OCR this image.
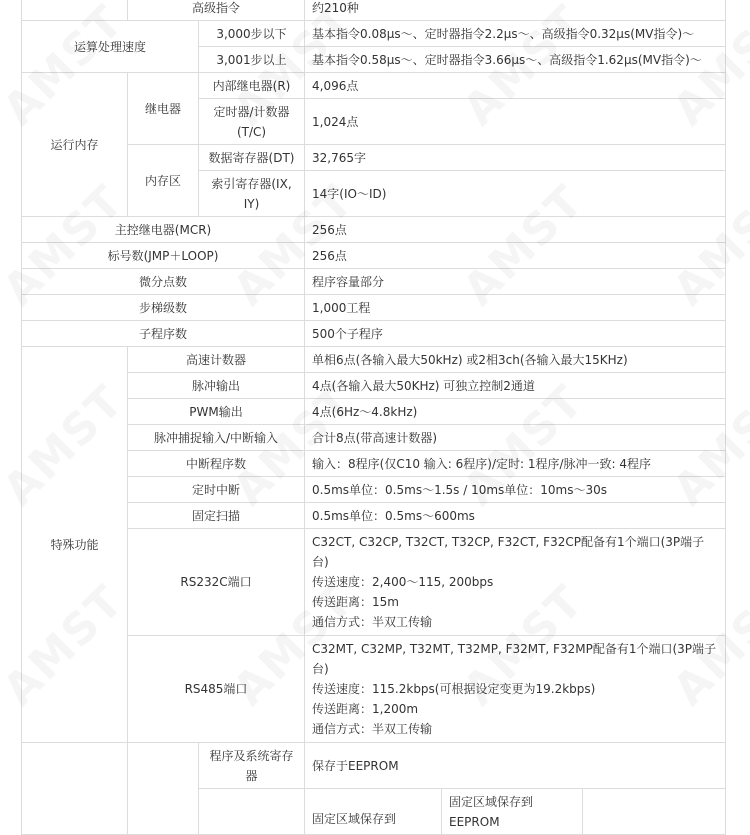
	高级指令		约210种		
运算处理速度		3,000步以下	基本指令0.08μs～、定时器指令2.2μs～、高级指令0.32μs(MV指令)～		
		3,001步以上	基本指令0.58μs～、定时器指令3.66μs～、高级指令1.62μs(MV指令)～		
运行内存	继电器	内部继电器(R)	4,096点		
		定时器/计数器(T/C)	1,024点		
	内存区	数据寄存器(DT)	32,765字		
		索引寄存器(IX, IY)	14字(IO～ID)		
主控继电器(MCR)			256点		
标号数(JMP＋LOOP)			256点		
微分点数			程序容量部分		
步梯级数			1,000工程		
子程序数			500个子程序		
特殊功能	高速计数器		单相6点(各输入最大50kHz) 或2相3ch(各输入最大15KHz)		
	脉冲输出		4点(各输入最大50KHz) 可独立控制2通道		
	PWM输出		4点(6Hz～4.8kHz)		
	脉冲捕捉输入/中断输入		合计8点(带高速计数器)		
	中断程序数		输入：8程序(仅C10 输入: 6程序)/定时: 1程序/脉冲一致: 4程序		
	定时中断		0.5ms单位：0.5ms～1.5s / 10ms单位：10ms～30s		
	固定扫描		0.5ms单位：0.5ms～600ms		
	RS232C端口		C32CT, C32CP, T32CT, T32CP, F32CT, F32CP配备有1个端口(3P端子台)
传送速度：2,400～115, 200bps
传送距离：15m
通信方式：半双工传输		

	RS485端口		C32MT, C32MP, T32MT, T32MP, F32MT, F32MP配备有1个端口(3P端子台)
传送速度：115.2kbps(可根据设定变更为19.2kbps)
传送距离：1,200m
通信方式：半双工传输		

		程序及系统寄存器	保存于EEPROM		
			固定区域保存到	固定区域保存到EEPROM	
